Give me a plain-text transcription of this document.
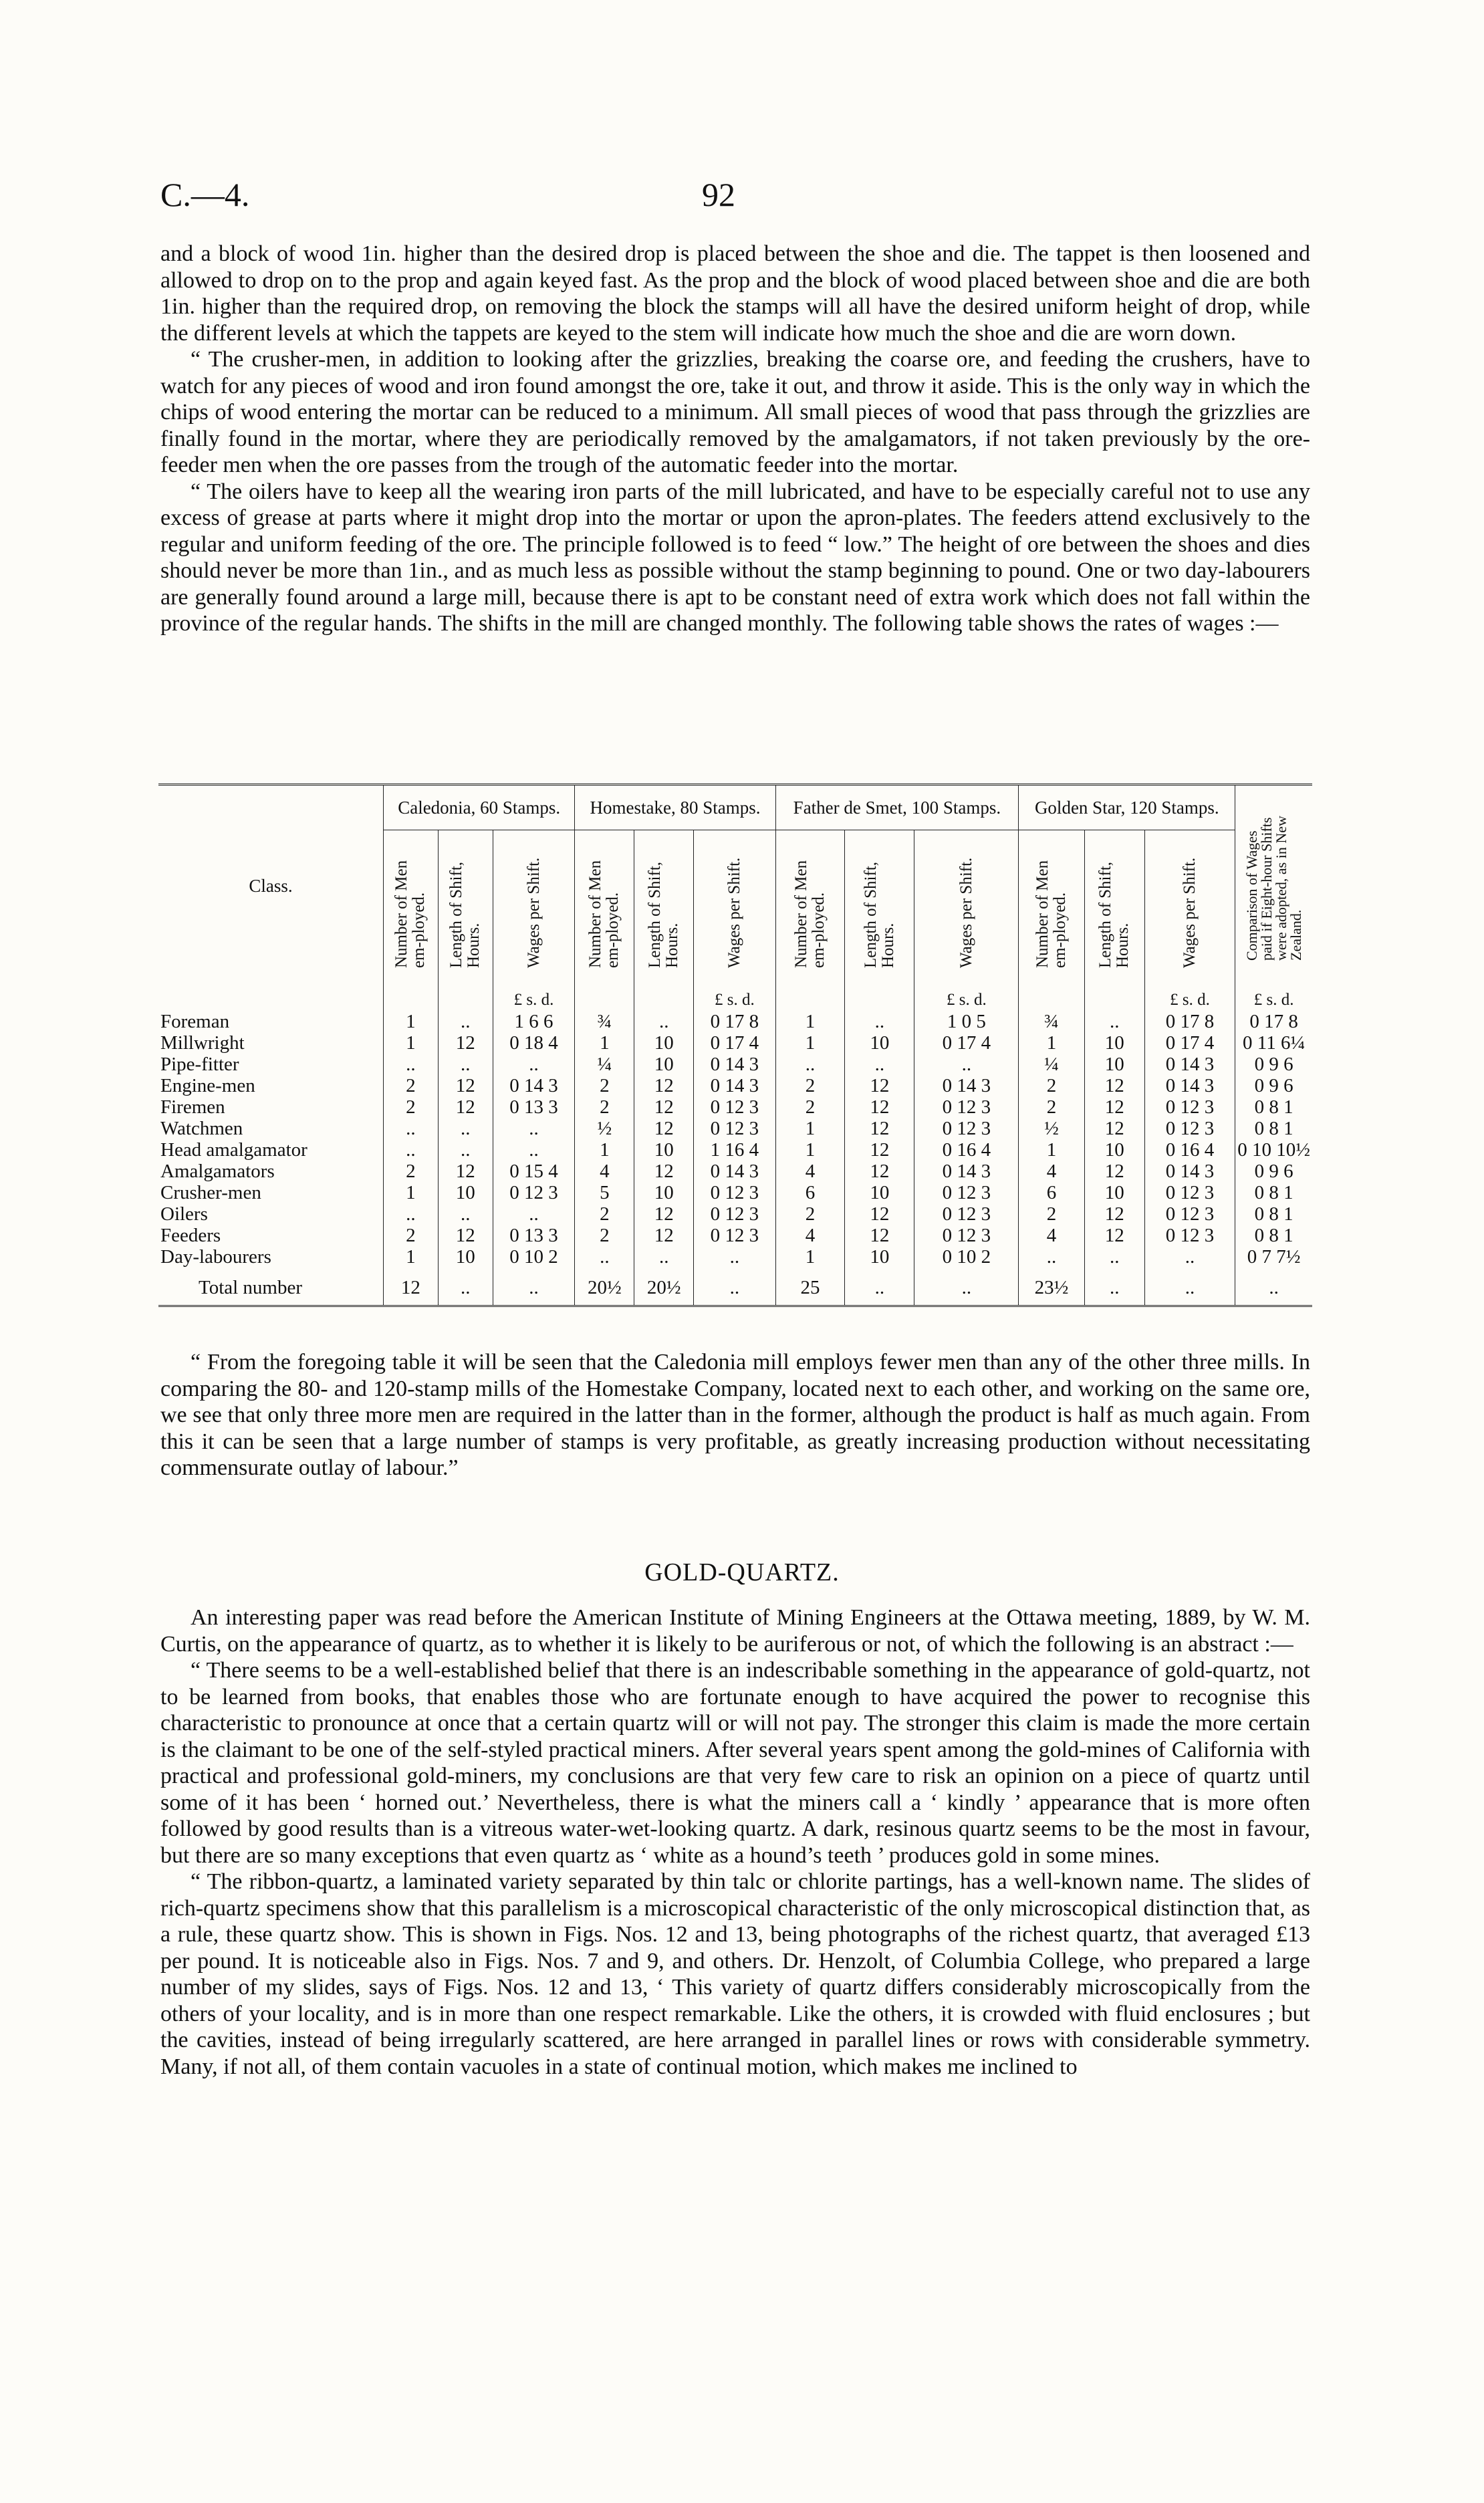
C.—4.	92

and a block of wood 1in. higher than the desired drop is placed between the shoe and die. The tappet is then loosened and allowed to drop on to the prop and again keyed fast. As the prop and the block of wood placed between shoe and die are both 1in. higher than the required drop, on removing the block the stamps will all have the desired uniform height of drop, while the different levels at which the tappets are keyed to the stem will indicate how much the shoe and die are worn down.

“ The crusher-men, in addition to looking after the grizzlies, breaking the coarse ore, and feeding the crushers, have to watch for any pieces of wood and iron found amongst the ore, take it out, and throw it aside. This is the only way in which the chips of wood entering the mortar can be reduced to a minimum. All small pieces of wood that pass through the grizzlies are finally found in the mortar, where they are periodically removed by the amalgamators, if not taken previously by the ore-feeder men when the ore passes from the trough of the automatic feeder into the mortar.

“ The oilers have to keep all the wearing iron parts of the mill lubricated, and have to be especially careful not to use any excess of grease at parts where it might drop into the mortar or upon the apron-plates. The feeders attend exclusively to the regular and uniform feeding of the ore. The principle followed is to feed “ low.” The height of ore between the shoes and dies should never be more than 1in., and as much less as possible without the stamp beginning to pound. One or two day-labourers are generally found around a large mill, because there is apt to be constant need of extra work which does not fall within the province of the regular hands. The shifts in the mill are changed monthly. The following table shows the rates of wages :—

Class.	Caledonia, 60 Stamps.			Homestake, 80 Stamps.			Father de Smet, 100 Stamps.			Golden Star, 120 Stamps.			Comparison of Wages paid if Eight-hour Shifts were adopted, as in New Zealand.

	Number of Men em-ployed.	Length of Shift, Hours.	Wages per Shift.	Number of Men em-ployed.	Length of Shift, Hours.	Wages per Shift.	Number of Men em-ployed.	Length of Shift, Hours.	Wages per Shift.	Number of Men em-ployed.	Length of Shift, Hours.	Wages per Shift.	

			£ s. d.			£ s. d.			£ s. d.			£ s. d.	£ s. d.
Foreman	1	..	1 6 6	¾	..	0 17 8	1	..	1 0 5	¾	..	0 17 8	0 17 8
Millwright	1	12	0 18 4	1	10	0 17 4	1	10	0 17 4	1	10	0 17 4	0 11 6¼
Pipe-fitter	..	..	..	¼	10	0 14 3	..	..	..	¼	10	0 14 3	0 9 6
Engine-men	2	12	0 14 3	2	12	0 14 3	2	12	0 14 3	2	12	0 14 3	0 9 6
Firemen	2	12	0 13 3	2	12	0 12 3	2	12	0 12 3	2	12	0 12 3	0 8 1
Watchmen	..	..	..	½	12	0 12 3	1	12	0 12 3	½	12	0 12 3	0 8 1
Head amalgamator	..	..	..	1	10	1 16 4	1	12	0 16 4	1	10	0 16 4	0 10 10½
Amalgamators	2	12	0 15 4	4	12	0 14 3	4	12	0 14 3	4	12	0 14 3	0 9 6
Crusher-men	1	10	0 12 3	5	10	0 12 3	6	10	0 12 3	6	10	0 12 3	0 8 1
Oilers	..	..	..	2	12	0 12 3	2	12	0 12 3	2	12	0 12 3	0 8 1
Feeders	2	12	0 13 3	2	12	0 12 3	4	12	0 12 3	4	12	0 12 3	0 8 1
Day-labourers	1	10	0 10 2	..	..	..	1	10	0 10 2	..	..	..	0 7 7½
Total number	12	..	..	20½	20½	..	25	..	..	23½	..	..	..

“ From the foregoing table it will be seen that the Caledonia mill employs fewer men than any of the other three mills. In comparing the 80- and 120-stamp mills of the Homestake Company, located next to each other, and working on the same ore, we see that only three more men are required in the latter than in the former, although the product is half as much again. From this it can be seen that a large number of stamps is very profitable, as greatly increasing production without necessitating commensurate outlay of labour.”

GOLD-QUARTZ.

An interesting paper was read before the American Institute of Mining Engineers at the Ottawa meeting, 1889, by W. M. Curtis, on the appearance of quartz, as to whether it is likely to be auriferous or not, of which the following is an abstract :—

“ There seems to be a well-established belief that there is an indescribable something in the appearance of gold-quartz, not to be learned from books, that enables those who are fortunate enough to have acquired the power to recognise this characteristic to pronounce at once that a certain quartz will or will not pay. The stronger this claim is made the more certain is the claimant to be one of the self-styled practical miners. After several years spent among the gold-mines of California with practical and professional gold-miners, my conclusions are that very few care to risk an opinion on a piece of quartz until some of it has been ‘ horned out.’ Nevertheless, there is what the miners call a ‘ kindly ’ appearance that is more often followed by good results than is a vitreous water-wet-looking quartz. A dark, resinous quartz seems to be the most in favour, but there are so many exceptions that even quartz as ‘ white as a hound’s teeth ’ produces gold in some mines.

“ The ribbon-quartz, a laminated variety separated by thin talc or chlorite partings, has a well-known name. The slides of rich-quartz specimens show that this parallelism is a microscopical characteristic of the only microscopical distinction that, as a rule, these quartz show. This is shown in Figs. Nos. 12 and 13, being photographs of the richest quartz, that averaged £13 per pound. It is noticeable also in Figs. Nos. 7 and 9, and others. Dr. Henzolt, of Columbia College, who prepared a large number of my slides, says of Figs. Nos. 12 and 13, ‘ This variety of quartz differs considerably microscopically from the others of your locality, and is in more than one respect remarkable. Like the others, it is crowded with fluid enclosures ; but the cavities, instead of being irregularly scattered, are here arranged in parallel lines or rows with considerable symmetry. Many, if not all, of them contain vacuoles in a state of continual motion, which makes me inclined to
